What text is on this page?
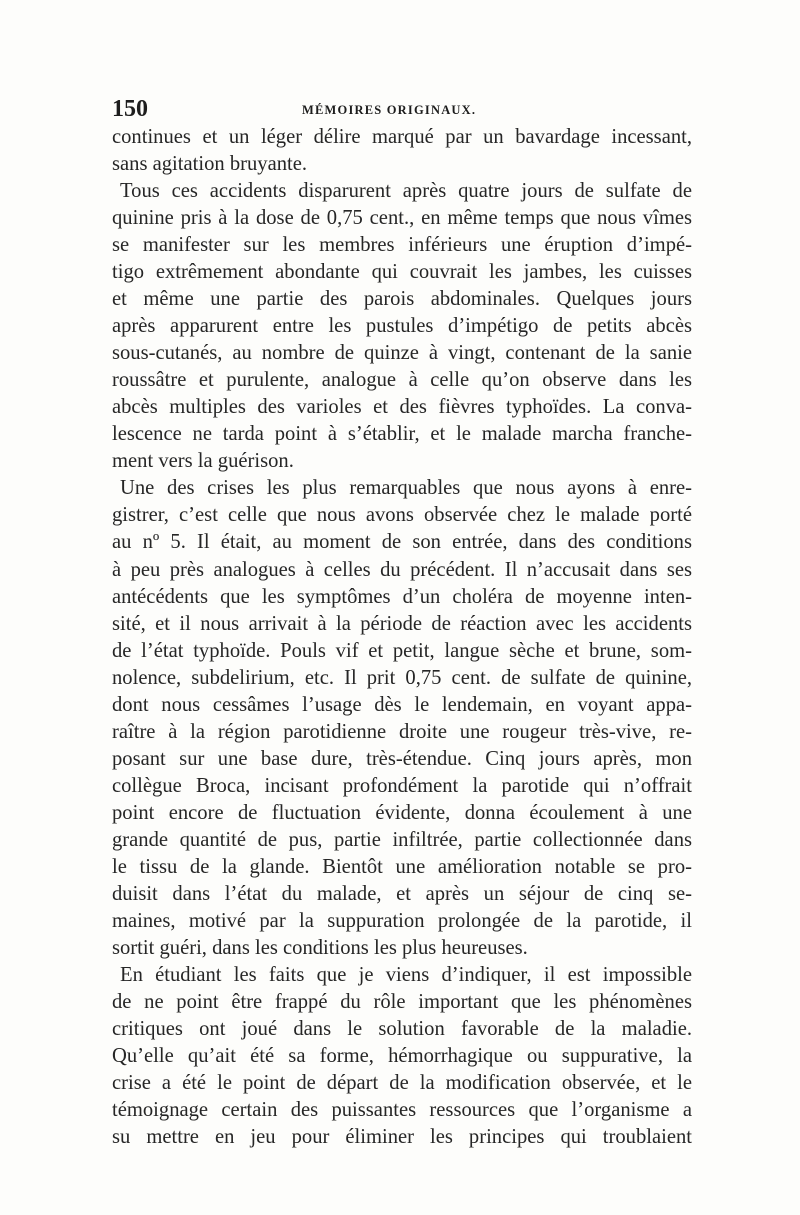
150	MÉMOIRES ORIGINAUX.
continues et un léger délire marqué par un bavardage incessant,
sans agitation bruyante.
Tous ces accidents disparurent après quatre jours de sulfate de
quinine pris à la dose de 0,75 cent., en même temps que nous vîmes
se manifester sur les membres inférieurs une éruption d’impé-
tigo extrêmement abondante qui couvrait les jambes, les cuisses
et même une partie des parois abdominales. Quelques jours
après apparurent entre les pustules d’impétigo de petits abcès
sous-cutanés, au nombre de quinze à vingt, contenant de la sanie
roussâtre et purulente, analogue à celle qu’on observe dans les
abcès multiples des varioles et des fièvres typhoïdes. La conva-
lescence ne tarda point à s’établir, et le malade marcha franche-
ment vers la guérison.
Une des crises les plus remarquables que nous ayons à enre-
gistrer, c’est celle que nous avons observée chez le malade porté
au nº 5. Il était, au moment de son entrée, dans des conditions
à peu près analogues à celles du précédent. Il n’accusait dans ses
antécédents que les symptômes d’un choléra de moyenne inten-
sité, et il nous arrivait à la période de réaction avec les accidents
de l’état typhoïde. Pouls vif et petit, langue sèche et brune, som-
nolence, subdelirium, etc. Il prit 0,75 cent. de sulfate de quinine,
dont nous cessâmes l’usage dès le lendemain, en voyant appa-
raître à la région parotidienne droite une rougeur très-vive, re-
posant sur une base dure, très-étendue. Cinq jours après, mon
collègue Broca, incisant profondément la parotide qui n’offrait
point encore de fluctuation évidente, donna écoulement à une
grande quantité de pus, partie infiltrée, partie collectionnée dans
le tissu de la glande. Bientôt une amélioration notable se pro-
duisit dans l’état du malade, et après un séjour de cinq se-
maines, motivé par la suppuration prolongée de la parotide, il
sortit guéri, dans les conditions les plus heureuses.
En étudiant les faits que je viens d’indiquer, il est impossible
de ne point être frappé du rôle important que les phénomènes
critiques ont joué dans le solution favorable de la maladie.
Qu’elle qu’ait été sa forme, hémorrhagique ou suppurative, la
crise a été le point de départ de la modification observée, et le
témoignage certain des puissantes ressources que l’organisme a
su mettre en jeu pour éliminer les principes qui troublaient
